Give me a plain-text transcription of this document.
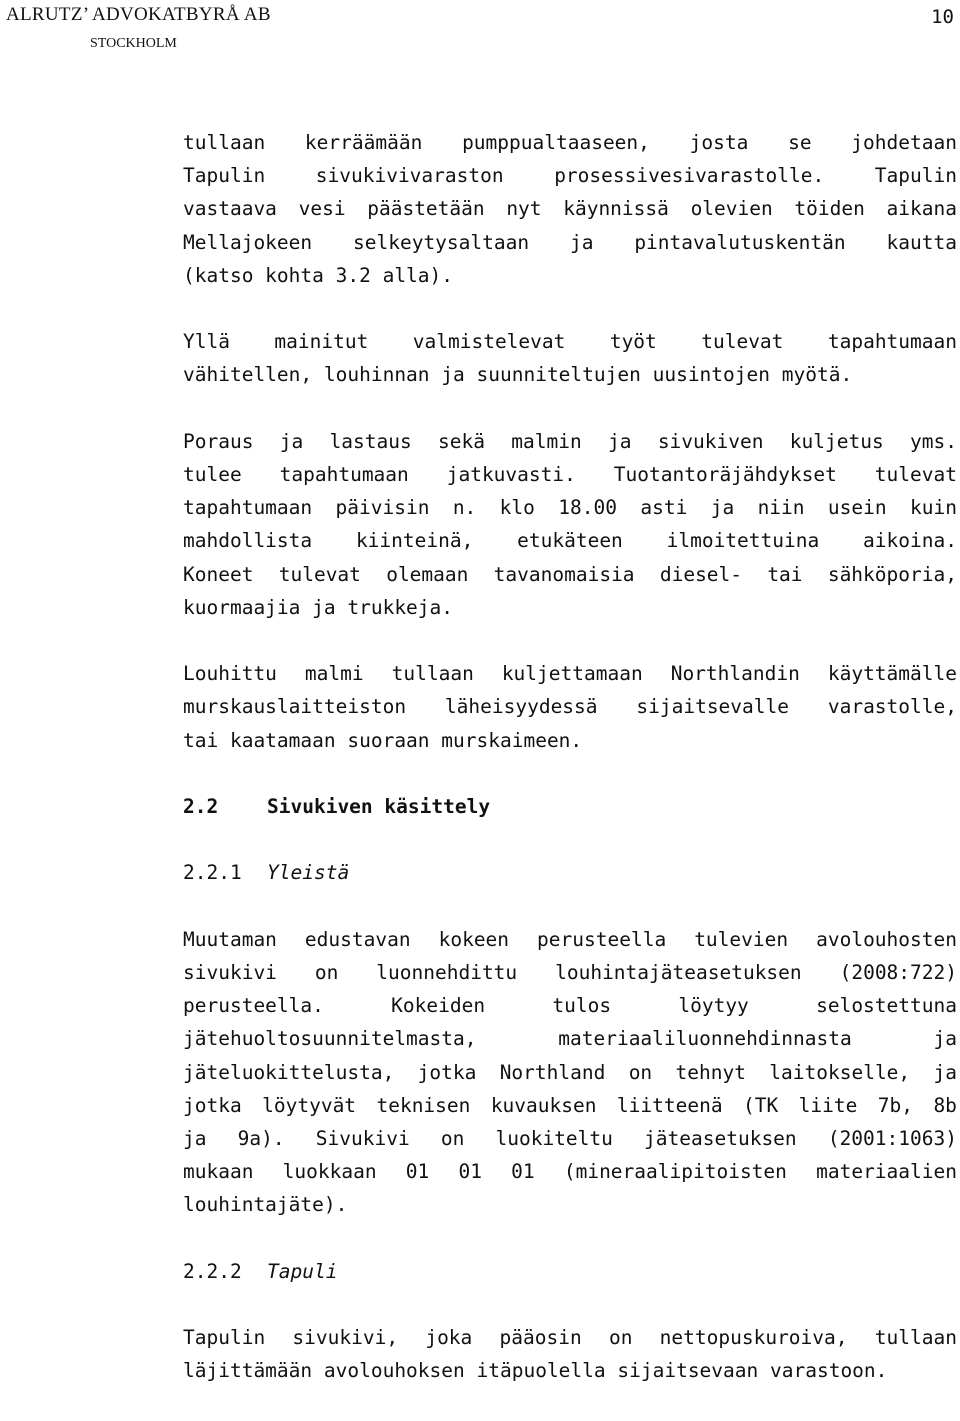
ALRUTZ’ ADVOKATBYRÅ AB
STOCKHOLM
10
tullaan kerräämään pumppualtaaseen, josta se johdetaan
Tapulin	sivukivivaraston	prosessivesivarastolle.	Tapulin
vastaava vesi päästetään nyt käynnissä olevien töiden aikana
Mellajokeen selkeytysaltaan ja pintavalutuskentän kautta
(katso kohta 3.2 alla).
Yllä mainitut valmistelevat työt tulevat tapahtumaan
vähitellen, louhinnan ja suunniteltujen uusintojen myötä.
Poraus ja lastaus sekä malmin ja sivukiven kuljetus yms.
tulee tapahtumaan jatkuvasti. Tuotantoräjähdykset tulevat
tapahtumaan päivisin n. klo 18.00 asti ja niin usein kuin
mahdollista kiinteinä, etukäteen ilmoitettuina aikoina.
Koneet tulevat olemaan tavanomaisia diesel- tai sähköporia,
kuormaajia ja trukkeja.
Louhittu malmi tullaan kuljettamaan Northlandin käyttämälle
murskauslaitteiston läheisyydessä sijaitsevalle varastolle,
tai kaatamaan suoraan murskaimeen.
2.2	Sivukiven käsittely
2.2.1 Yleistä
Muutaman edustavan kokeen perusteella tulevien avolouhosten
sivukivi on luonnehdittu louhintajäteasetuksen (2008:722)
perusteella.	Kokeiden	tulos	löytyy	selostettuna
jätehuoltosuunnitelmasta,	materiaaliluonnehdinnasta	ja
jäteluokittelusta, jotka Northland on tehnyt laitokselle, ja
jotka löytyvät teknisen kuvauksen liitteenä (TK liite 7b, 8b
ja 9a). Sivukivi on luokiteltu jäteasetuksen (2001:1063)
mukaan luokkaan 01 01 01 (mineraalipitoisten materiaalien
louhintajäte).
2.2.2 Tapuli
Tapulin sivukivi, joka pääosin on nettopuskuroiva, tullaan
läjittämään avolouhoksen itäpuolella sijaitsevaan varastoon.
